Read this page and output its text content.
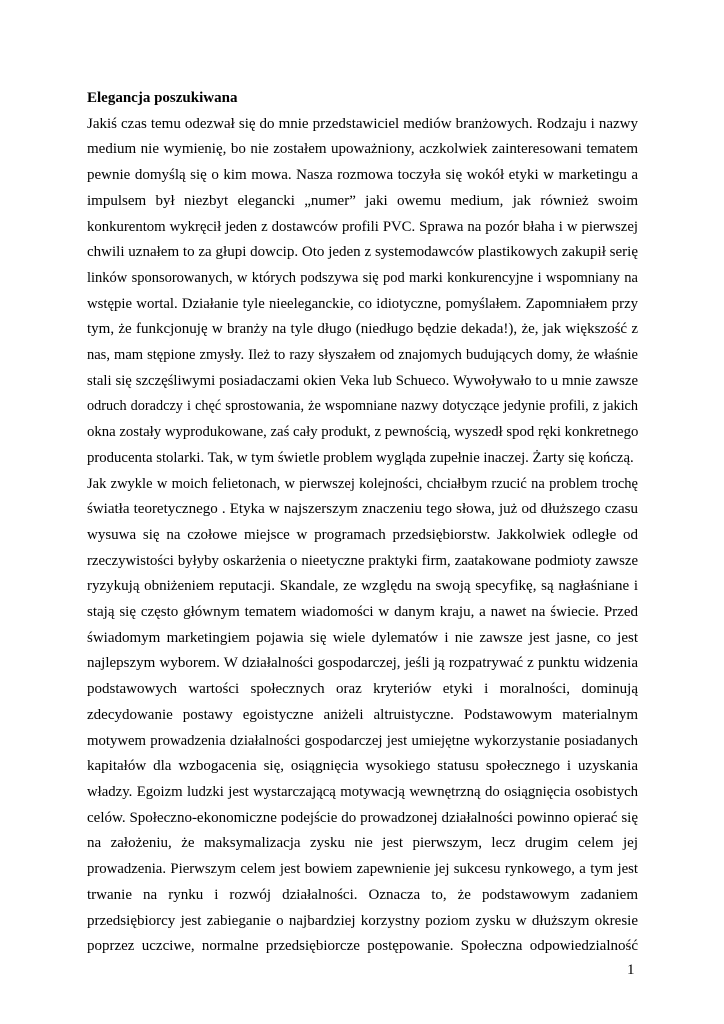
Elegancja poszukiwana

Jakiś czas temu odezwał się do mnie przedstawiciel mediów branżowych. Rodzaju i nazwy
medium nie wymienię, bo nie zostałem upoważniony, aczkolwiek zainteresowani tematem
pewnie domyślą się o kim mowa. Nasza rozmowa toczyła się wokół etyki w marketingu a
impulsem był niezbyt elegancki „numer” jaki owemu medium, jak również swoim
konkurentom wykręcił jeden z dostawców profili PVC. Sprawa na pozór błaha i w pierwszej
chwili uznałem to za głupi dowcip. Oto jeden z systemodawców plastikowych zakupił serię
linków sponsorowanych, w których podszywa się pod marki konkurencyjne i wspomniany na
wstępie wortal. Działanie tyle nieeleganckie, co idiotyczne, pomyślałem. Zapomniałem przy
tym, że funkcjonuję w branży na tyle długo (niedługo będzie dekada!), że, jak większość z
nas, mam stępione zmysły. Ileż to razy słyszałem od znajomych budujących domy, że właśnie
stali się szczęśliwymi posiadaczami okien Veka lub Schueco. Wywoływało to u mnie zawsze
odruch doradczy i chęć sprostowania, że wspomniane nazwy dotyczące jedynie profili, z jakich
okna zostały wyprodukowane, zaś cały produkt, z pewnością, wyszedł spod ręki konkretnego
producenta stolarki. Tak, w tym świetle problem wygląda zupełnie inaczej. Żarty się kończą.
Jak zwykle w moich felietonach, w pierwszej kolejności, chciałbym rzucić na problem trochę
światła teoretycznego . Etyka w najszerszym znaczeniu tego słowa, już od dłuższego czasu
wysuwa się na czołowe miejsce w programach przedsiębiorstw. Jakkolwiek odległe od
rzeczywistości byłyby oskarżenia o nieetyczne praktyki firm, zaatakowane podmioty zawsze
ryzykują obniżeniem reputacji. Skandale, ze względu na swoją specyfikę, są nagłaśniane i
stają się często głównym tematem wiadomości w danym kraju, a nawet na świecie. Przed
świadomym marketingiem pojawia się wiele dylematów i nie zawsze jest jasne, co jest
najlepszym wyborem. W działalności gospodarczej, jeśli ją rozpatrywać z punktu widzenia
podstawowych wartości społecznych oraz kryteriów etyki i moralności, dominują
zdecydowanie postawy egoistyczne aniżeli altruistyczne. Podstawowym materialnym
motywem prowadzenia działalności gospodarczej jest umiejętne wykorzystanie posiadanych
kapitałów dla wzbogacenia się, osiągnięcia wysokiego statusu społecznego i uzyskania
władzy. Egoizm ludzki jest wystarczającą motywacją wewnętrzną do osiągnięcia osobistych
celów. Społeczno-ekonomiczne podejście do prowadzonej działalności powinno opierać się
na założeniu, że maksymalizacja zysku nie jest pierwszym, lecz drugim celem jej
prowadzenia. Pierwszym celem jest bowiem zapewnienie jej sukcesu rynkowego, a tym jest
trwanie na rynku i rozwój działalności. Oznacza to, że podstawowym zadaniem
przedsiębiorcy jest zabieganie o najbardziej korzystny poziom zysku w dłuższym okresie
poprzez uczciwe, normalne przedsiębiorcze postępowanie. Społeczna odpowiedzialność
1
